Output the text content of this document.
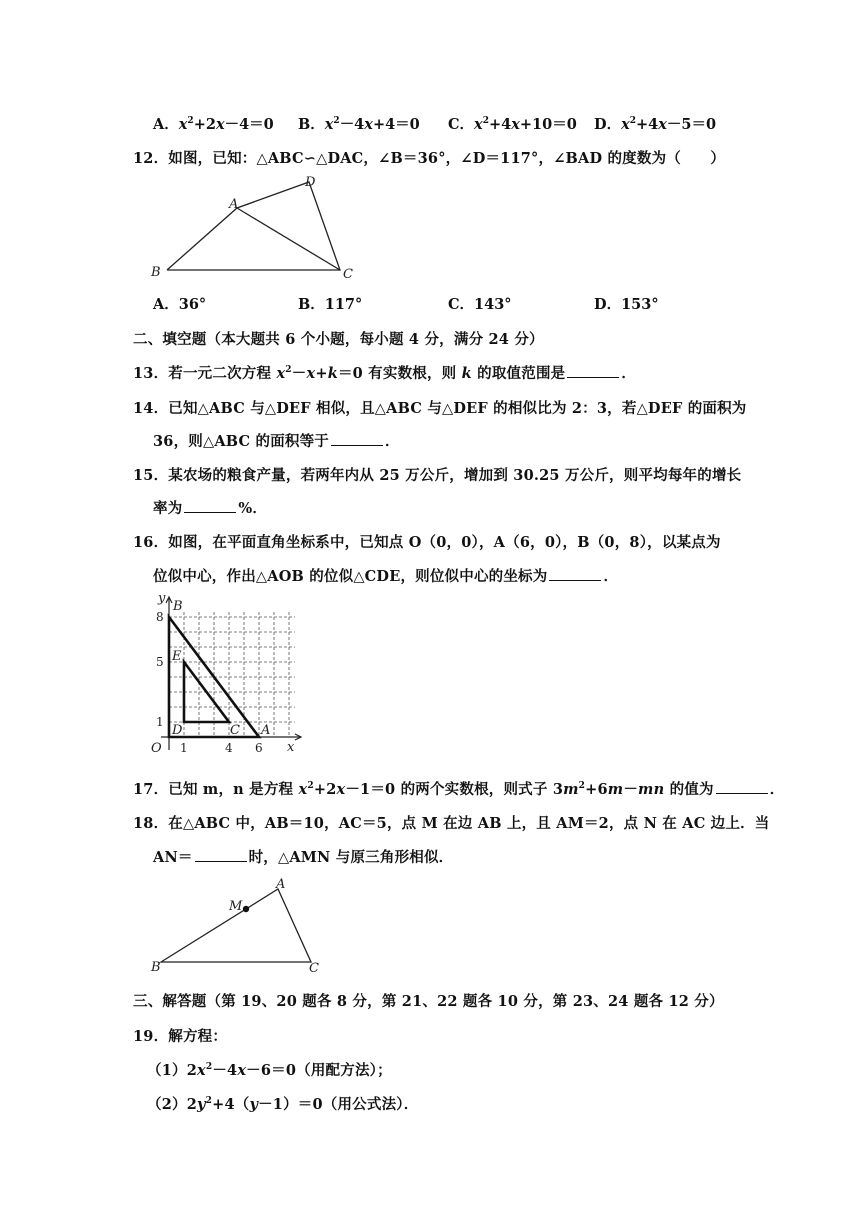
A．$x^2+2x-4=0$ B．$x^2-4x+4=0$ C．$x^2+4x+10=0$ D．$x^2+4x-5=0$
12．如图，已知：△ABC∽△DAC，∠B＝36°，∠D＝117°，∠BAD 的度数为（　　）
A
B	C
D
A．36°	B．117°	C．143°	D．153°
二、填空题（本大题共 6 个小题，每小题 4 分，满分 24 分）
13．若一元二次方程 $x^2-x+k=0$ 有实数根，则 k 的取值范围是	．
14．已知△ABC 与△DEF 相似，且△ABC 与△DEF 的相似比为 2：3，若△DEF 的面积为
36，则△ABC 的面积等于	．
15．某农场的粮食产量，若两年内从 25 万公斤，增加到 30.25 万公斤，则平均每年的增长
率为	%．
16．如图，在平面直角坐标系中，已知点 O（0，0），A（6，0），B（0，8），以某点为
位似中心，作出△AOB 的位似△CDE，则位似中心的坐标为	．
y
B
8
5 E
1
D	C A
O 1	4 6 x
17．已知 m，n 是方程 $x^2+2x-1=0$ 的两个实数根，则式子 $3m^2+6m-mn$ 的值为	．
18．在△ABC 中，AB＝10，AC＝5，点 M 在边 AB 上，且 AM＝2，点 N 在 AC 边上．当
AN＝	时，△AMN 与原三角形相似．
A
M
B	C
三、解答题（第 19、20 题各 8 分，第 21、22 题各 10 分，第 23、24 题各 12 分）
19．解方程：
$(1)2x^2-4x-6=0$（用配方法）；
$(2)2y^2+4(y-1)=0$（用公式法）．
